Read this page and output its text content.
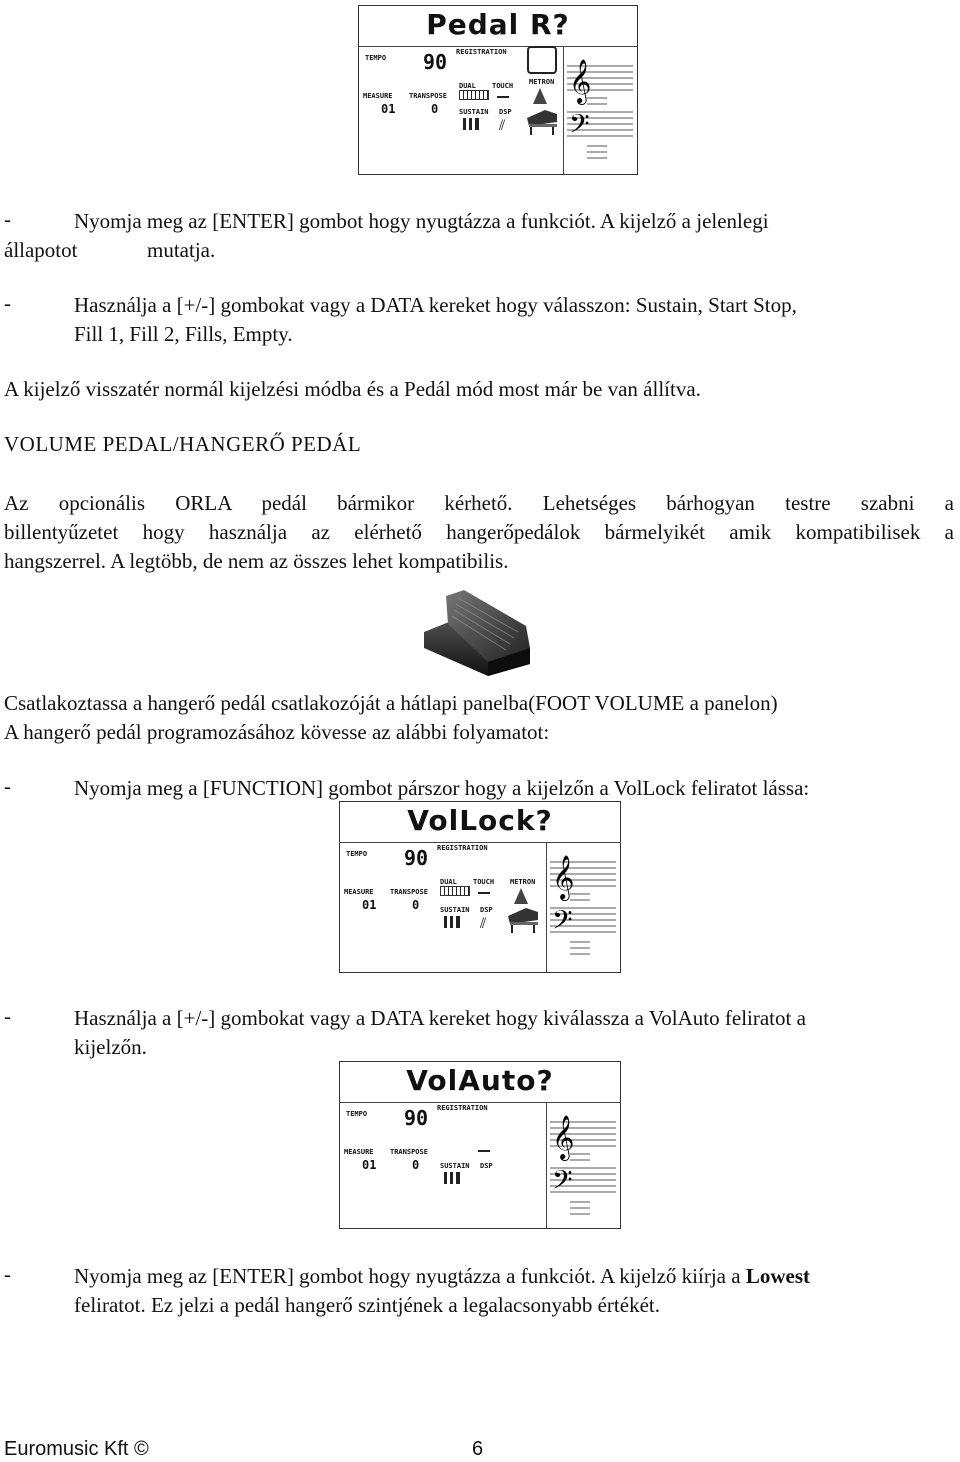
Pedal R?
TEMPO 90 REGISTRATION
MEASURE
01
TRANSPOSE
0
DUAL TOUCH METRON
SUSTAIN DSP
⫽
𝄞
𝄢
-	Nyomja meg az [ENTER] gombot hogy nyugtázza a funkciót. A kijelző a jelenlegi
állapotot	mutatja.
-	Használja a [+/-] gombokat vagy a DATA kereket hogy válasszon: Sustain, Start Stop,
Fill 1, Fill 2, Fills, Empty.
A kijelző visszatér normál kijelzési módba és a Pedál mód most már be van állítva.
VOLUME PEDAL/HANGERŐ PEDÁL
Az opcionális ORLA pedál bármikor kérhető. Lehetséges bárhogyan testre szabni a
billentyűzetet hogy használja az elérhető hangerőpedálok bármelyikét amik kompatibilisek a
hangszerrel. A legtöbb, de nem az összes lehet kompatibilis.
Csatlakoztassa a hangerő pedál csatlakozóját a hátlapi panelba(FOOT VOLUME a panelon)
A hangerő pedál programozásához kövesse az alábbi folyamatot:
-	Nyomja meg a [FUNCTION] gombot párszor hogy a kijelzőn a VolLock feliratot lássa:
VolLock?
TEMPO 90 REGISTRATION
MEASURE
01
TRANSPOSE
0
DUAL TOUCH METRON
SUSTAIN DSP
⫽
𝄞
𝄢
-	Használja a [+/-] gombokat vagy a DATA kereket hogy kiválassza a VolAuto feliratot a
kijelzőn.
VolAuto?
TEMPO 90 REGISTRATION
MEASURE
01
TRANSPOSE
0	SUSTAIN DSP
𝄞
𝄢
-	Nyomja meg az [ENTER] gombot hogy nyugtázza a funkciót. A kijelző kiírja a Lowest
feliratot. Ez jelzi a pedál hangerő szintjének a legalacsonyabb értékét.
Euromusic Kft ©	6
